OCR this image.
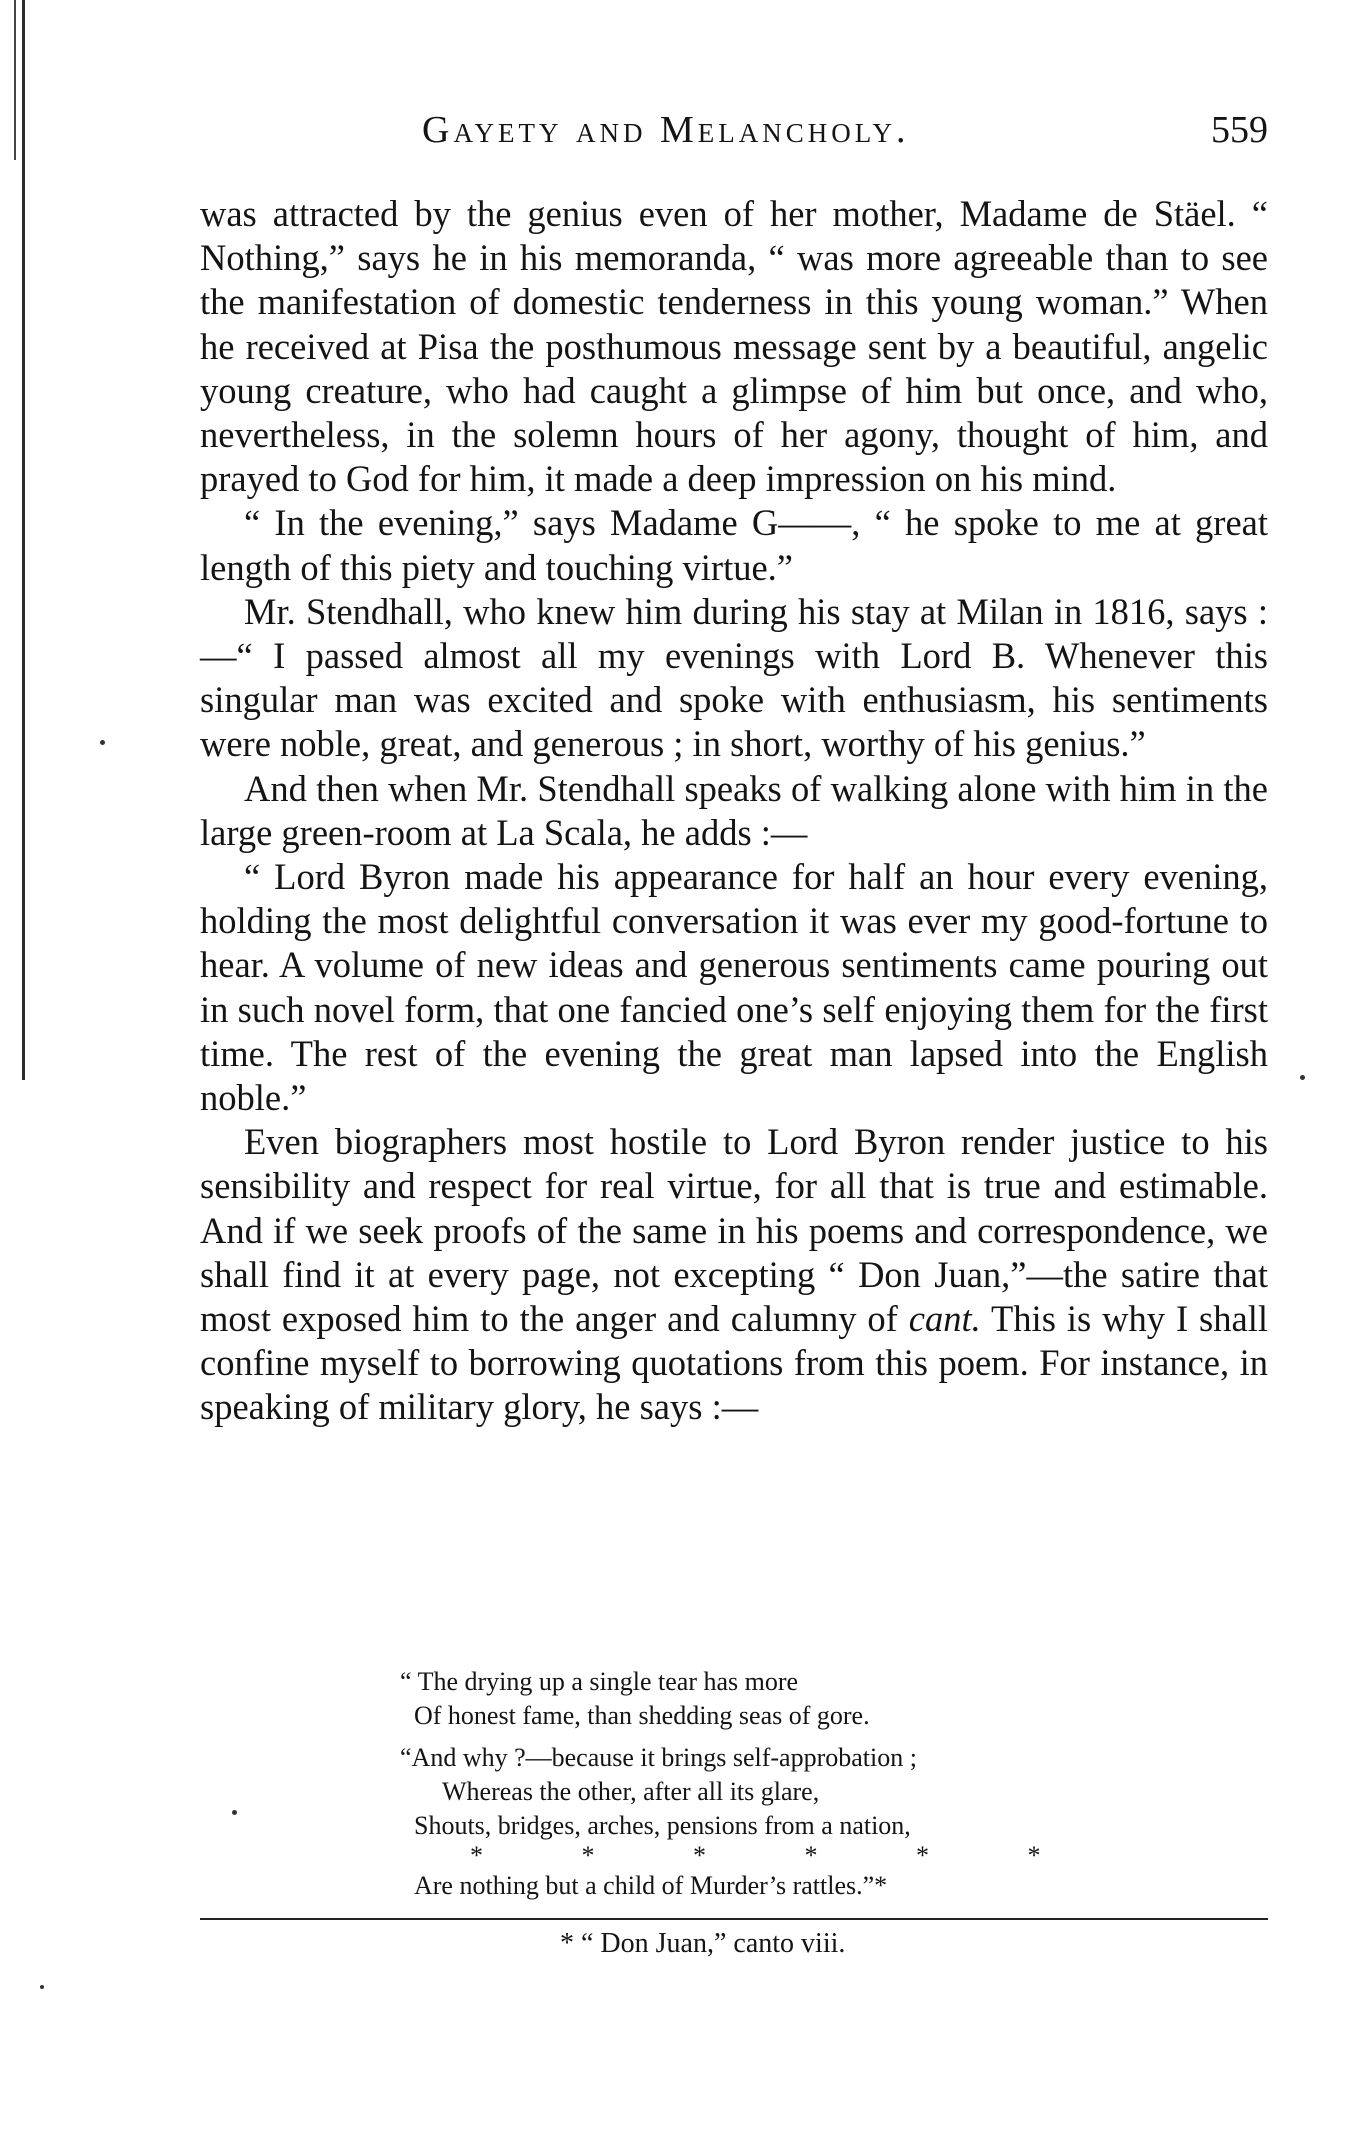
Gayety and Melancholy.	559

was attracted by the genius even of her mother, Madame de Stäel. “ Nothing,” says he in his memoranda, “ was more agreeable than to see the manifestation of domestic tenderness in this young woman.” When he received at Pisa the posthumous message sent by a beautiful, angelic young creature, who had caught a glimpse of him but once, and who, nevertheless, in the solemn hours of her agony, thought of him, and prayed to God for him, it made a deep impression on his mind.

“ In the evening,” says Madame G——, “ he spoke to me at great length of this piety and touching virtue.”

Mr. Stendhall, who knew him during his stay at Milan in 1816, says :—“ I passed almost all my evenings with Lord B. Whenever this singular man was excited and spoke with enthusiasm, his sentiments were noble, great, and generous ; in short, worthy of his genius.”

And then when Mr. Stendhall speaks of walking alone with him in the large green-room at La Scala, he adds :—

“ Lord Byron made his appearance for half an hour every evening, holding the most delightful conversation it was ever my good-fortune to hear. A volume of new ideas and generous sentiments came pouring out in such novel form, that one fancied one’s self enjoying them for the first time. The rest of the evening the great man lapsed into the English noble.”

Even biographers most hostile to Lord Byron render justice to his sensibility and respect for real virtue, for all that is true and estimable. And if we seek proofs of the same in his poems and correspondence, we shall find it at every page, not excepting “ Don Juan,”—the satire that most exposed him to the anger and calumny of cant. This is why I shall confine myself to borrowing quotations from this poem. For instance, in speaking of military glory, he says :—

“ The drying up a single tear has more
Of honest fame, than shedding seas of gore.
“And why ?—because it brings self-approbation ;
Whereas the other, after all its glare,
Shouts, bridges, arches, pensions from a nation,
* * * * * *
Are nothing but a child of Murder’s rattles.”*
* “ Don Juan,” canto viii.
